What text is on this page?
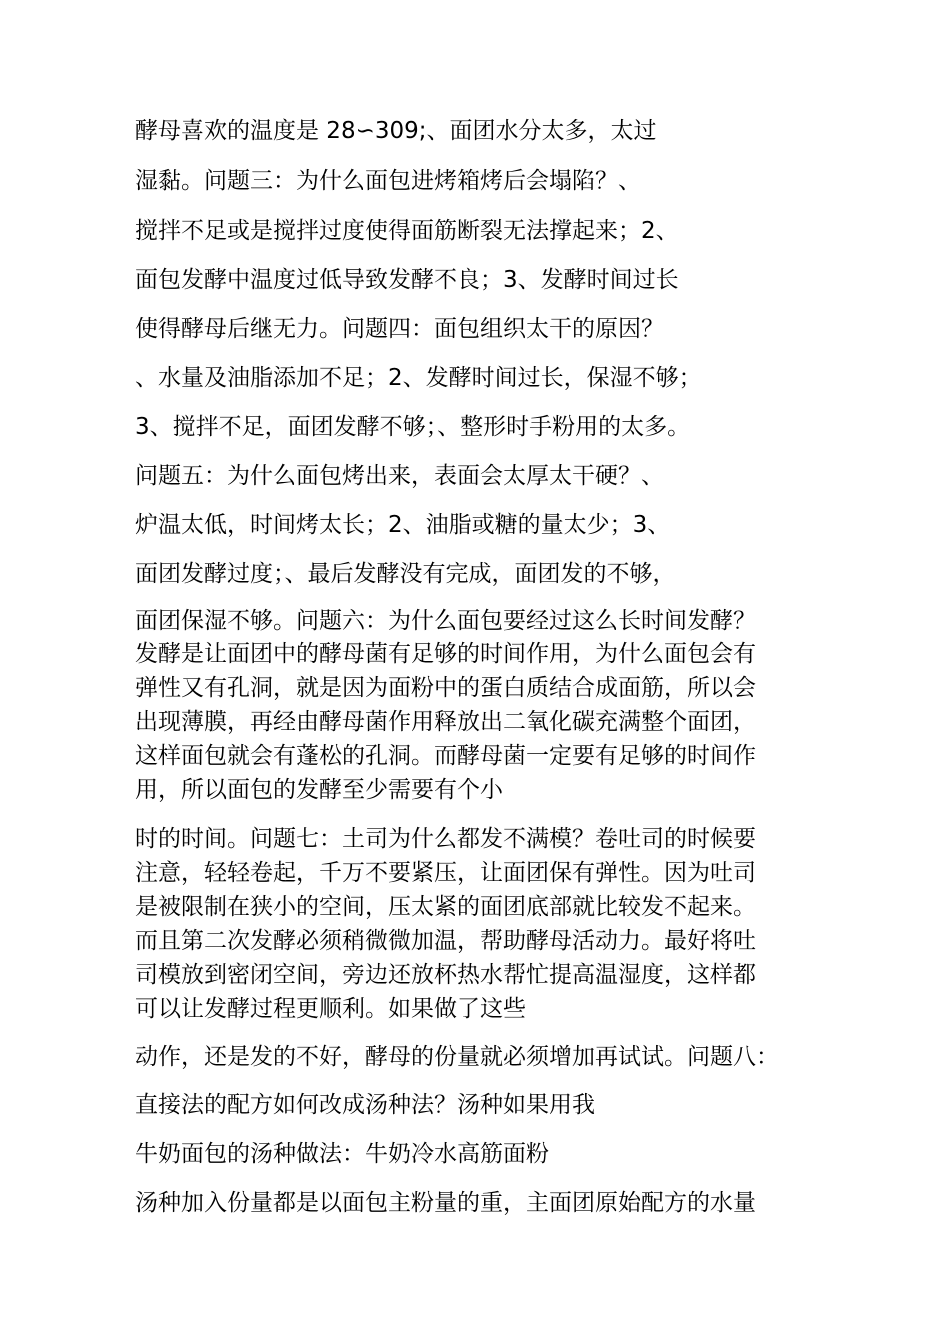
酵母喜欢的温度是 28∽309;、面团水分太多，太过

湿黏。问题三：为什么面包进烤箱烤后会塌陷？、

搅拌不足或是搅拌过度使得面筋断裂无法撑起来；2、

面包发酵中温度过低导致发酵不良；3、发酵时间过长

使得酵母后继无力。问题四：面包组织太干的原因？

、水量及油脂添加不足；2、发酵时间过长，保湿不够；

3、搅拌不足，面团发酵不够；、整形时手粉用的太多。

问题五：为什么面包烤出来，表面会太厚太干硬？、

炉温太低，时间烤太长；2、油脂或糖的量太少；3、

面团发酵过度；、最后发酵没有完成，面团发的不够，

面团保湿不够。问题六：为什么面包要经过这么长时间发酵？

发酵是让面团中的酵母菌有足够的时间作用，为什么面包会有

弹性又有孔洞，就是因为面粉中的蛋白质结合成面筋，所以会

出现薄膜，再经由酵母菌作用释放出二氧化碳充满整个面团，

这样面包就会有蓬松的孔洞。而酵母菌一定要有足够的时间作

用，所以面包的发酵至少需要有个小

时的时间。问题七：土司为什么都发不满模？卷吐司的时候要

注意，轻轻卷起，千万不要紧压，让面团保有弹性。因为吐司

是被限制在狭小的空间，压太紧的面团底部就比较发不起来。

而且第二次发酵必须稍微微加温，帮助酵母活动力。最好将吐

司模放到密闭空间，旁边还放杯热水帮忙提高温湿度，这样都

可以让发酵过程更顺利。如果做了这些

动作，还是发的不好，酵母的份量就必须增加再试试。问题八：

直接法的配方如何改成汤种法？汤种如果用我

牛奶面包的汤种做法：牛奶冷水高筋面粉

汤种加入份量都是以面包主粉量的重，主面团原始配方的水量
